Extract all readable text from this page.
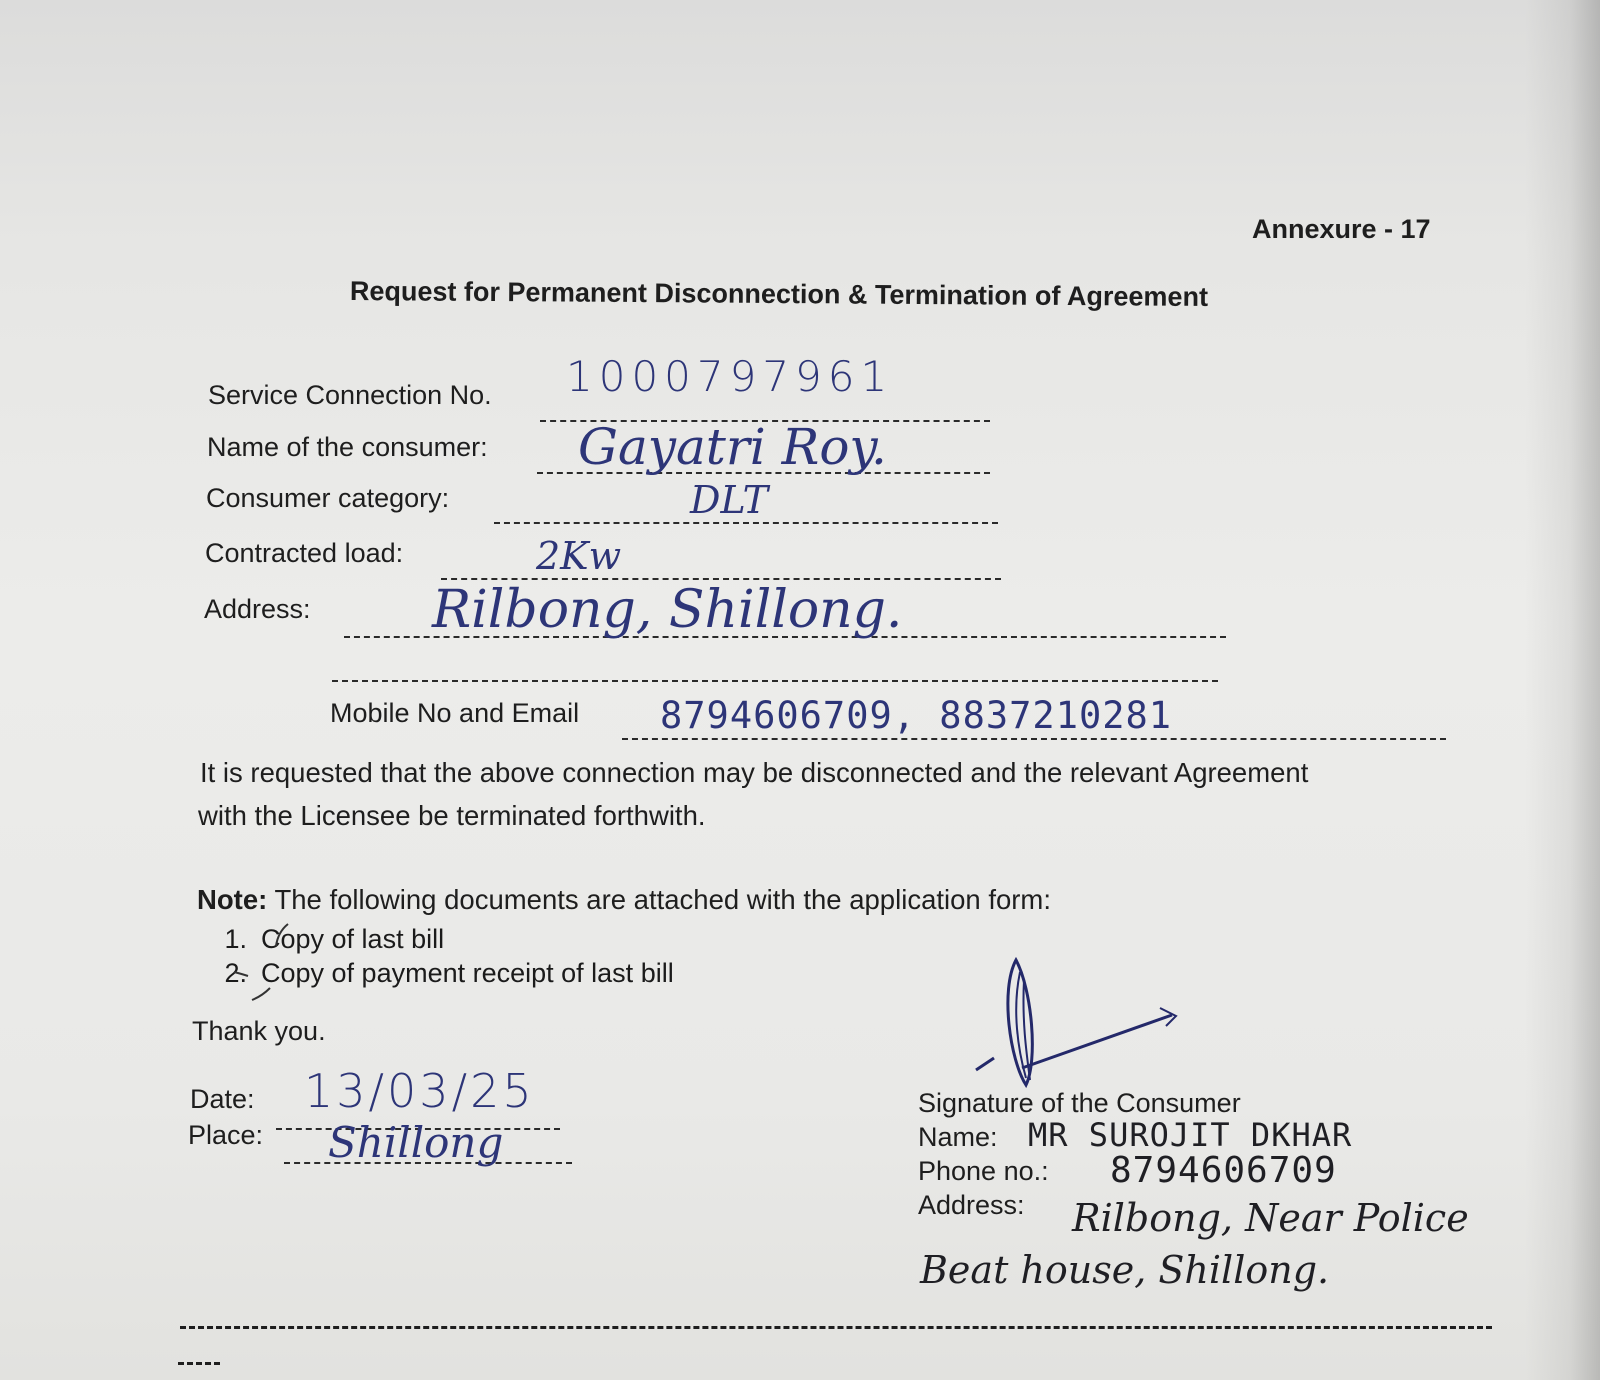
Annexure - 17
Request for Permanent Disconnection & Termination of Agreement
Service Connection No. 1000797961
Name of the consumer: Gayatri Roy.
Consumer category:	DLT
Contracted load:	2Kw
Address: Rilbong, Shillong.
Mobile No and Email 8794606709, 8837210281
It is requested that the above connection may be disconnected and the relevant Agreement
with the Licensee be terminated forthwith.
Note: The following documents are attached with the application form:
1. Copy of last bill
2. Copy of payment receipt of last bill
Thank you.
Date: 13/03/25
Place: Shillong
Signature of the Consumer
Name: MR SUROJIT DKHAR
Phone no.: 8794606709
Address: Rilbong, Near Police
Beat house, Shillong.
